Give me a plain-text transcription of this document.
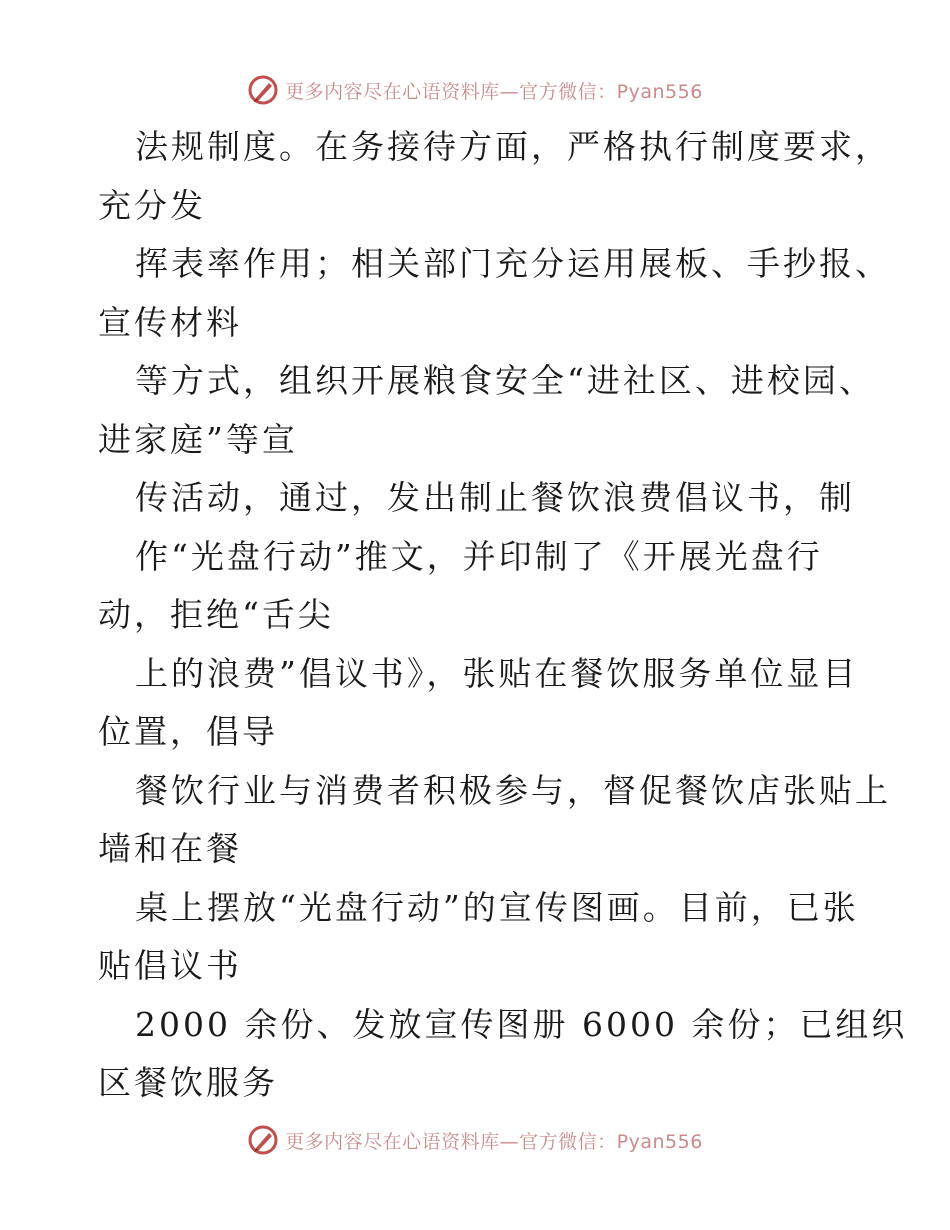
更多内容尽在心语资料库—官方微信：Pyan556
法规制度。在务接待方面，严格执行制度要求，
充分发
挥表率作用；相关部门充分运用展板、手抄报、
宣传材料
等方式，组织开展粮食安全“进社区、进校园、
进家庭”等宣
传活动，通过，发出制止餐饮浪费倡议书，制
作“光盘行动”推文，并印制了《开展光盘行
动，拒绝“舌尖
上的浪费”倡议书》，张贴在餐饮服务单位显目
位置，倡导
餐饮行业与消费者积极参与，督促餐饮店张贴上
墙和在餐
桌上摆放“光盘行动”的宣传图画。目前，已张
贴倡议书
2000 余份、发放宣传图册 6000 余份；已组织
区餐饮服务
更多内容尽在心语资料库—官方微信：Pyan556
